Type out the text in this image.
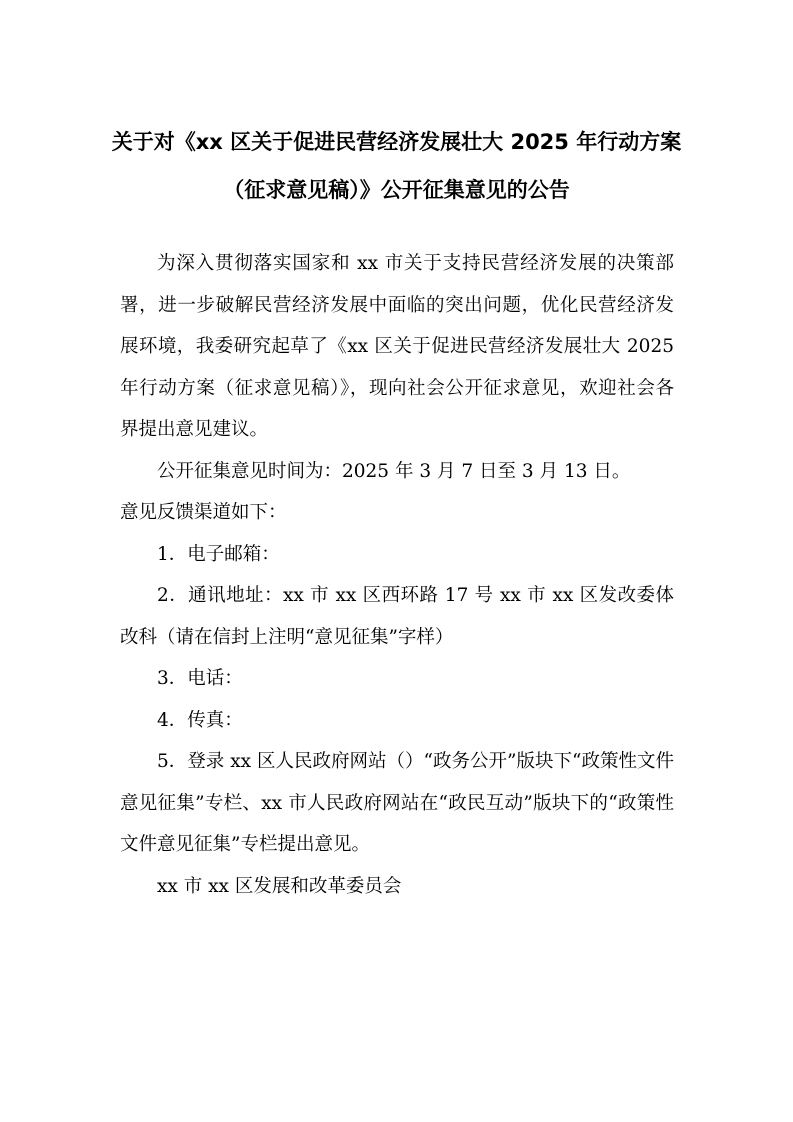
关于对《xx 区关于促进民营经济发展壮大 2025 年行动方案
（征求意见稿）》公开征集意见的公告

为深入贯彻落实国家和 xx 市关于支持民营经济发展的决策部署，进一步破解民营经济发展中面临的突出问题，优化民营经济发展环境，我委研究起草了《xx 区关于促进民营经济发展壮大 2025 年行动方案（征求意见稿）》，现向社会公开征求意见，欢迎社会各界提出意见建议。

公开征集意见时间为：2025 年 3 月 7 日至 3 月 13 日。

意见反馈渠道如下：

1．电子邮箱：

2．通讯地址：xx 市 xx 区西环路 17 号 xx 市 xx 区发改委体改科（请在信封上注明“意见征集”字样）

3．电话：

4．传真：

5．登录 xx 区人民政府网站（）“政务公开”版块下“政策性文件意见征集”专栏、xx 市人民政府网站在“政民互动”版块下的“政策性文件意见征集”专栏提出意见。

xx 市 xx 区发展和改革委员会
